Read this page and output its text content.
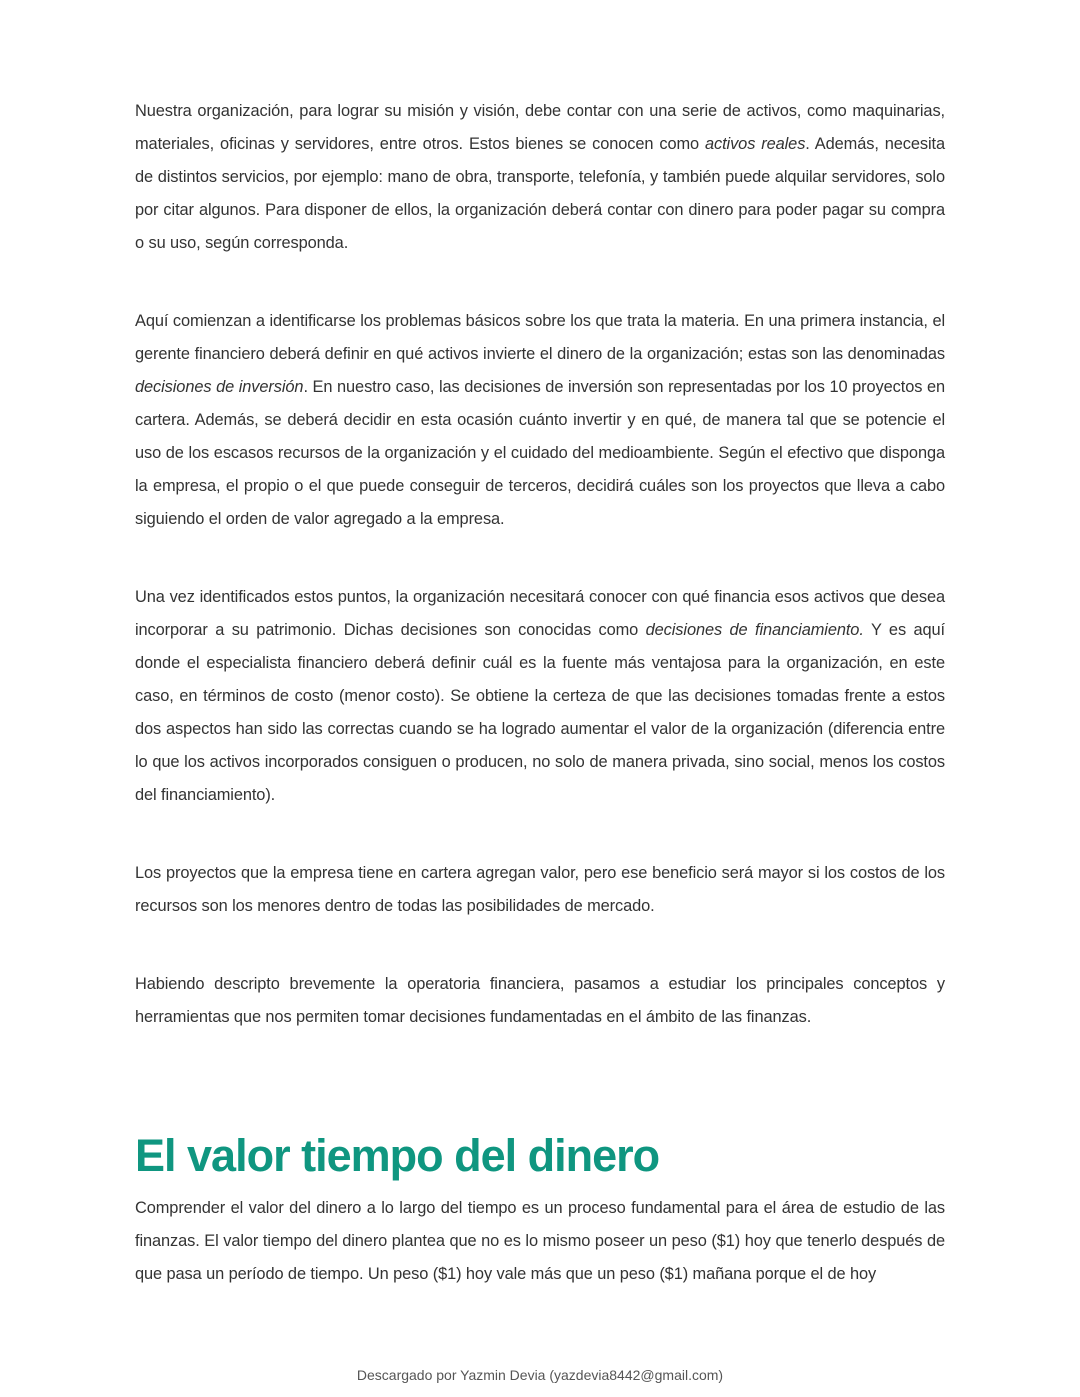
Nuestra organización, para lograr su misión y visión, debe contar con una serie de activos, como maquinarias, materiales, oficinas y servidores, entre otros. Estos bienes se conocen como activos reales. Además, necesita de distintos servicios, por ejemplo: mano de obra, transporte, telefonía, y también puede alquilar servidores, solo por citar algunos. Para disponer de ellos, la organización deberá contar con dinero para poder pagar su compra o su uso, según corresponda.

Aquí comienzan a identificarse los problemas básicos sobre los que trata la materia. En una primera instancia, el gerente financiero deberá definir en qué activos invierte el dinero de la organización; estas son las denominadas decisiones de inversión. En nuestro caso, las decisiones de inversión son representadas por los 10 proyectos en cartera. Además, se deberá decidir en esta ocasión cuánto invertir y en qué, de manera tal que se potencie el uso de los escasos recursos de la organización y el cuidado del medioambiente. Según el efectivo que disponga la empresa, el propio o el que puede conseguir de terceros, decidirá cuáles son los proyectos que lleva a cabo siguiendo el orden de valor agregado a la empresa.

Una vez identificados estos puntos, la organización necesitará conocer con qué financia esos activos que desea incorporar a su patrimonio. Dichas decisiones son conocidas como decisiones de financiamiento. Y es aquí donde el especialista financiero deberá definir cuál es la fuente más ventajosa para la organización, en este caso, en términos de costo (menor costo). Se obtiene la certeza de que las decisiones tomadas frente a estos dos aspectos han sido las correctas cuando se ha logrado aumentar el valor de la organización (diferencia entre lo que los activos incorporados consiguen o producen, no solo de manera privada, sino social, menos los costos del financiamiento).

Los proyectos que la empresa tiene en cartera agregan valor, pero ese beneficio será mayor si los costos de los recursos son los menores dentro de todas las posibilidades de mercado.

Habiendo descripto brevemente la operatoria financiera, pasamos a estudiar los principales conceptos y herramientas que nos permiten tomar decisiones fundamentadas en el ámbito de las finanzas.

El valor tiempo del dinero

Comprender el valor del dinero a lo largo del tiempo es un proceso fundamental para el área de estudio de las finanzas. El valor tiempo del dinero plantea que no es lo mismo poseer un peso ($1) hoy que tenerlo después de que pasa un período de tiempo. Un peso ($1) hoy vale más que un peso ($1) mañana porque el de hoy

Descargado por Yazmin Devia (yazdevia8442@gmail.com)
